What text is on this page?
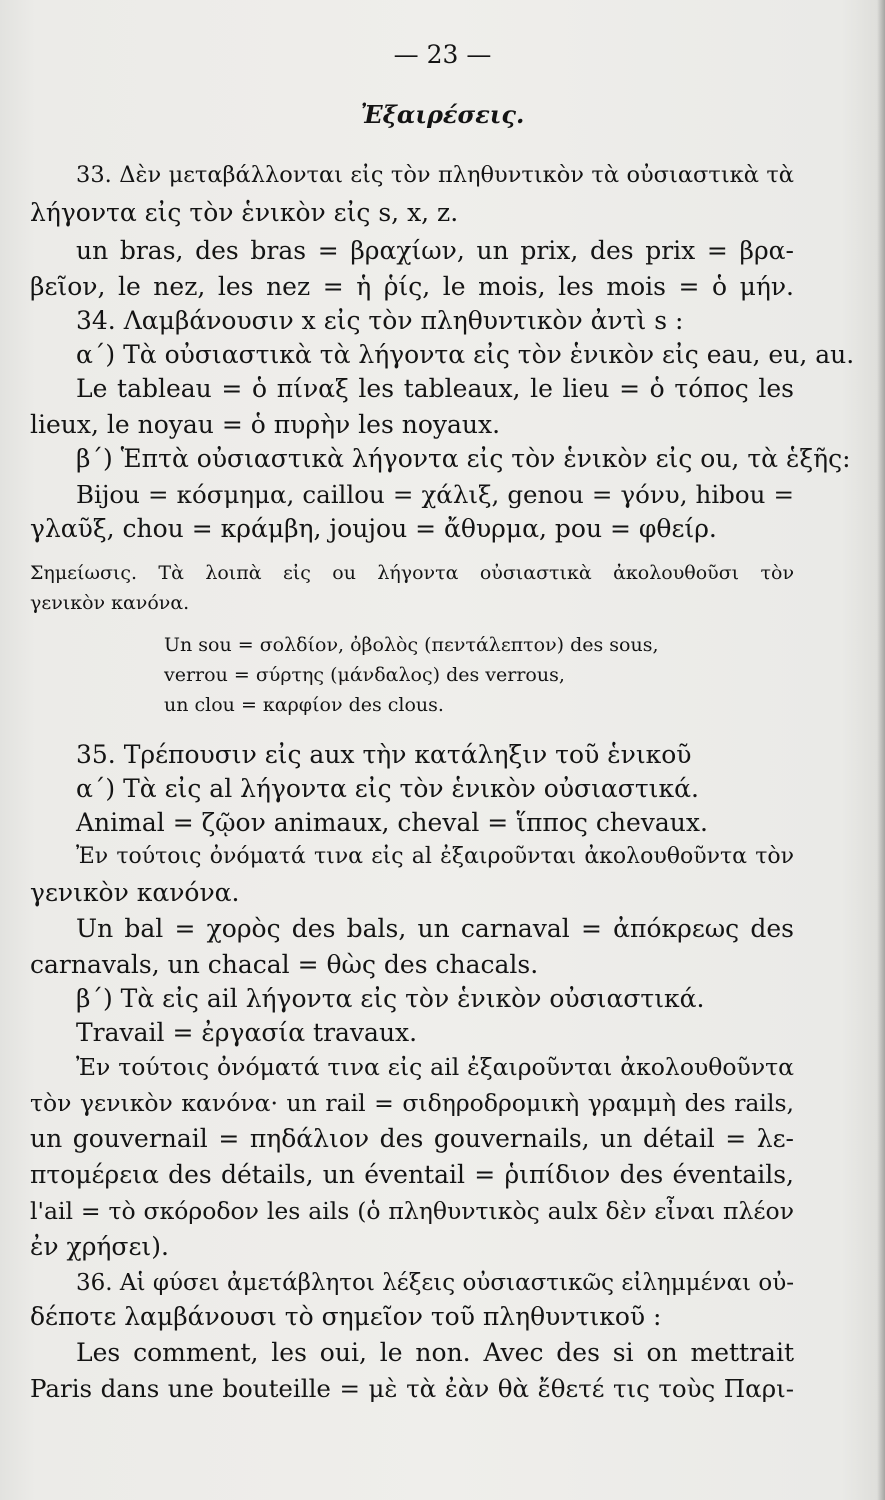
— 23 —
Ἐξαιρέσεις.
33. Δὲν μεταβάλλονται εἰς τὸν πληθυντικὸν τὰ οὐσιαστικὰ τὰ
λήγοντα εἰς τὸν ἑνικὸν εἰς s, x, z.
un bras, des bras = βραχίων, un prix, des prix = βρα-
βεῖον, le nez, les nez = ἡ ῥίς, le mois, les mois = ὁ μήν.
34. Λαμβάνουσιν x εἰς τὸν πληθυντικὸν ἀντὶ s :
α΄) Τὰ οὐσιαστικὰ τὰ λήγοντα εἰς τὸν ἑνικὸν εἰς eau, eu, au.
Le tableau = ὁ πίναξ les tableaux, le lieu = ὁ τόπος les
lieux, le noyau = ὁ πυρὴν les noyaux.
β΄) Ἑπτὰ οὐσιαστικὰ λήγοντα εἰς τὸν ἑνικὸν εἰς ou, τὰ ἑξῆς:
Bijou = κόσμημα, caillou = χάλιξ, genou = γόνυ, hibou =
γλαῦξ, chou = κράμβη, joujou = ἄθυρμα, pou = φθείρ.
Σημείωσις. Τὰ λοιπὰ εἰς ou λήγοντα οὐσιαστικὰ ἀκολουθοῦσι τὸν
γενικὸν κανόνα.
Un sou = σολδίον, ὀβολὸς (πεντάλεπτον) des sous,
verrou = σύρτης (μάνδαλος) des verrous,
un clou = καρφίον des clous.
35. Τρέπουσιν εἰς aux τὴν κατάληξιν τοῦ ἑνικοῦ
α΄) Τὰ εἰς al λήγοντα εἰς τὸν ἑνικὸν οὐσιαστικά.
Animal = ζῷον animaux, cheval = ἵππος chevaux.
Ἐν τούτοις ὀνόματά τινα εἰς al ἐξαιροῦνται ἀκολουθοῦντα τὸν
γενικὸν κανόνα.
Un bal = χορὸς des bals, un carnaval = ἀπόκρεως des
carnavals, un chacal = θὼς des chacals.
β΄) Τὰ εἰς ail λήγοντα εἰς τὸν ἑνικὸν οὐσιαστικά.
Travail = ἐργασία travaux.
Ἐν τούτοις ὀνόματά τινα εἰς ail ἐξαιροῦνται ἀκολουθοῦντα
τὸν γενικὸν κανόνα· un rail = σιδηροδρομικὴ γραμμὴ des rails,
un gouvernail = πηδάλιον des gouvernails, un détail = λε-
πτομέρεια des détails, un éventail = ῥιπίδιον des éventails,
l'ail = τὸ σκόροδον les ails (ὁ πληθυντικὸς aulx δὲν εἶναι πλέον
ἐν χρήσει).
36. Αἱ φύσει ἀμετάβλητοι λέξεις οὐσιαστικῶς εἰλημμέναι οὐ-
δέποτε λαμβάνουσι τὸ σημεῖον τοῦ πληθυντικοῦ :
Les comment, les oui, le non. Avec des si on mettrait
Paris dans une bouteille = μὲ τὰ ἐὰν θὰ ἔθετέ τις τοὺς Παρι-
